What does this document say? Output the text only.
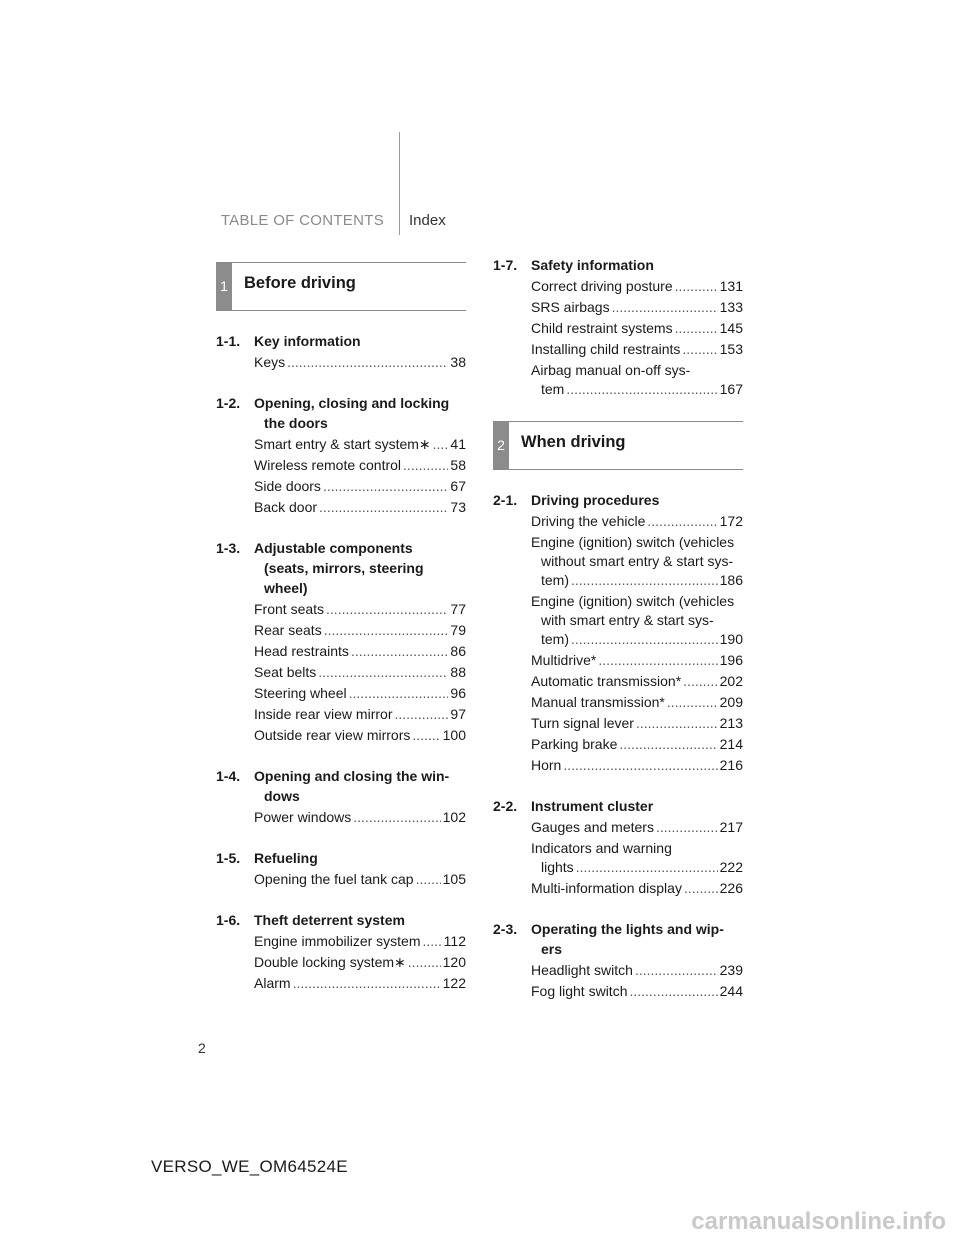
TABLE OF CONTENTS Index
1 Before driving
1-1. Key information
Keys .....	38
1-2. Opening, closing and locking
the doors
Smart entry & start system∗ ..... 41
Wireless remote control .....	58
Side doors .....	67
Back door .....	73
1-3. Adjustable components
(seats, mirrors, steering
wheel)
Front seats .....	77
Rear seats .....	79
Head restraints .....	86
Seat belts .....	88
Steering wheel .....	96
Inside rear view mirror .....	97
Outside rear view mirrors ..... 100
1-4. Opening and closing the win-
dows
Power windows .....	102
1-5. Refueling
Opening the fuel tank cap ..... 105
1-6. Theft deterrent system
Engine immobilizer system ..... 112
Double locking system∗ .....	120
Alarm .....	122
1-7. Safety information
Correct driving posture .....	131
SRS airbags .....	133
Child restraint systems .....	145
Installing child restraints .....	153
Airbag manual on-off sys-
tem .....	167
2 When driving
2-1. Driving procedures
Driving the vehicle .....	172
Engine (ignition) switch (vehicles
without smart entry & start sys-
tem) .....	186
Engine (ignition) switch (vehicles
with smart entry & start sys-
tem) .....	190
Multidrive* .....	196
Automatic transmission* .....	202
Manual transmission* .....	209
Turn signal lever .....	213
Parking brake .....	214
Horn .....	216
2-2. Instrument cluster
Gauges and meters .....	217
Indicators and warning
lights .....	222
Multi-information display .....	226
2-3. Operating the lights and wip-
ers
Headlight switch .....	239
Fog light switch .....	244
2
VERSO_WE_OM64524E
carmanualsonline.info
